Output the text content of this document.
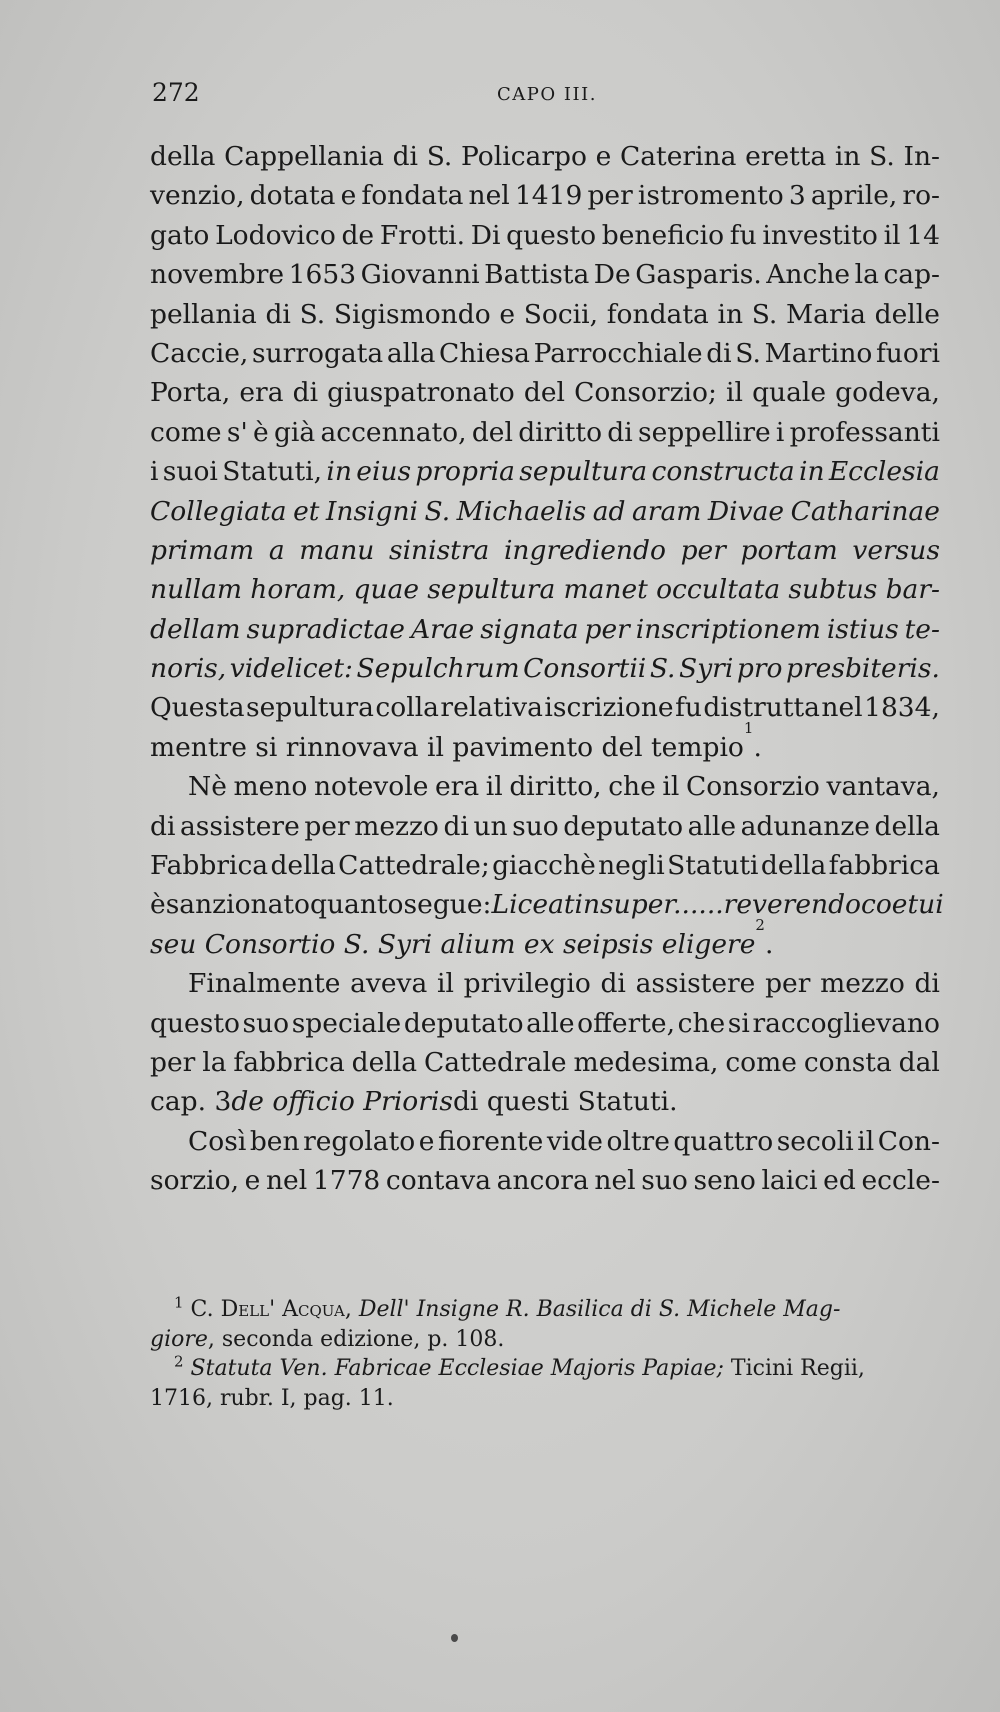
272	CAPO III.
della Cappellania di S. Policarpo e Caterina eretta in S. In-
venzio, dotata e fondata nel 1419 per istromento 3 aprile, ro-
gato Lodovico de Frotti. Di questo beneficio fu investito il 14
novembre 1653 Giovanni Battista De Gasparis. Anche la cap-
pellania di S. Sigismondo e Socii, fondata in S. Maria delle
Caccie, surrogata alla Chiesa Parrocchiale di S. Martino fuori
Porta, era di giuspatronato del Consorzio; il quale godeva,
come s' è già accennato, del diritto di seppellire i professanti
i suoi Statuti, in eius propria sepultura constructa in Ecclesia
Collegiata et Insigni S. Michaelis ad aram Divae Catharinae
primam a manu sinistra ingrediendo per portam versus
nullam horam, quae sepultura manet occultata subtus bar-
dellam supradictae Arae signata per inscriptionem istius te-
noris, videlicet: Sepulchrum Consortii S. Syri pro presbiteris.
Questa sepultura colla relativa iscrizione fu distrutta nel 1834,
mentre si rinnovava il pavimento del tempio
1
.
Nè meno notevole era il diritto, che il Consorzio vantava,
di assistere per mezzo di un suo deputato alle adunanze della
Fabbrica della Cattedrale; giacchè negli Statuti della fabbrica
è sanzionato quanto segue: Liceat insuper...... reverendo coetui
seu Consortio S. Syri alium ex seipsis eligere
2
.
Finalmente aveva il privilegio di assistere per mezzo di
questo suo speciale deputato alle offerte, che si raccoglievano
per la fabbrica della Cattedrale medesima, come consta dal
cap. 3 de officio Prioris di questi Statuti.
Così ben regolato e fiorente vide oltre quattro secoli il Con-
sorzio, e nel 1778 contava ancora nel suo seno laici ed eccle-
$^1$ C. Dell' Acqua, Dell' Insigne R. Basilica di S. Michele Mag-
giore , seconda edizione, p. 108.
$^2$ Statuta Ven. Fabricae Ecclesiae Majoris Papiae; Ticini Regii,
1716, rubr. I, pag. 11.
